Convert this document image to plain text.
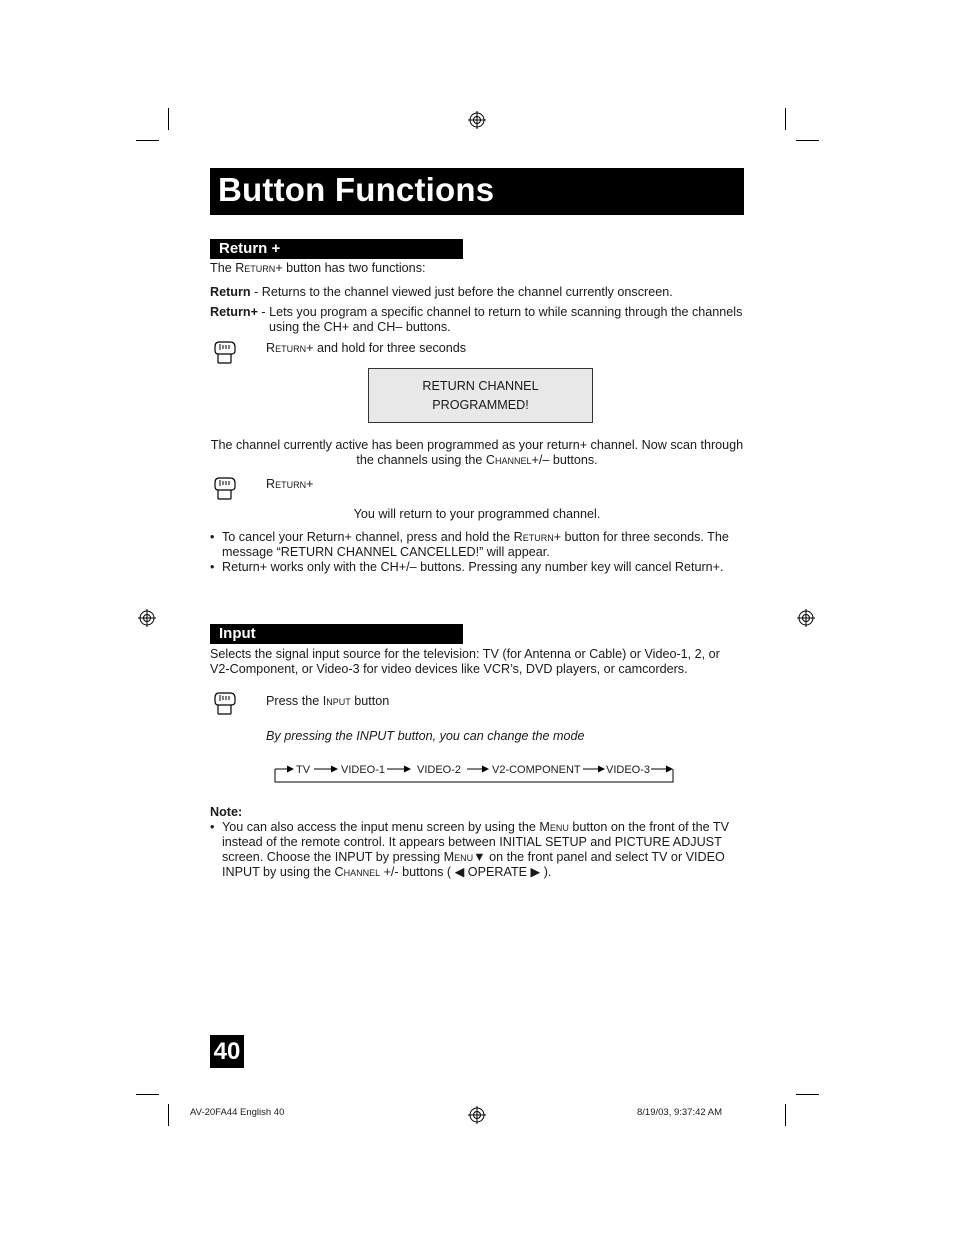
Button Functions
Return +
The Return+ button has two functions:
Return - Returns to the channel viewed just before the channel currently onscreen.
Return+ - Lets you program a specific channel to return to while scanning through the channels
using the CH+ and CH– buttons.
Return+ and hold for three seconds
RETURN CHANNEL
PROGRAMMED!
The channel currently active has been programmed as your return+ channel. Now scan through
the channels using the Channel+/– buttons.
Return+
You will return to your programmed channel.
• To cancel your Return+ channel, press and hold the Return+ button for three seconds. The
message “RETURN CHANNEL CANCELLED!” will appear.
• Return+ works only with the CH+/– buttons. Pressing any number key will cancel Return+.
Input
Selects the signal input source for the television: TV (for Antenna or Cable) or Video-1, 2, or
V2-Component, or Video-3 for video devices like VCR’s, DVD players, or camcorders.
Press the Input button
By pressing the INPUT button, you can change the mode
TV	VIDEO-1	VIDEO-2	V2-COMPONENT VIDEO-3
Note:
• You can also access the input menu screen by using the Menu button on the front of the TV
instead of the remote control. It appears between INITIAL SETUP and PICTURE ADJUST
screen. Choose the INPUT by pressing Menu▼ on the front panel and select TV or VIDEO
INPUT by using the Channel +/- buttons ( ◀ OPERATE ▶ ).
40
AV-20FA44 English 40	8/19/03, 9:37:42 AM
